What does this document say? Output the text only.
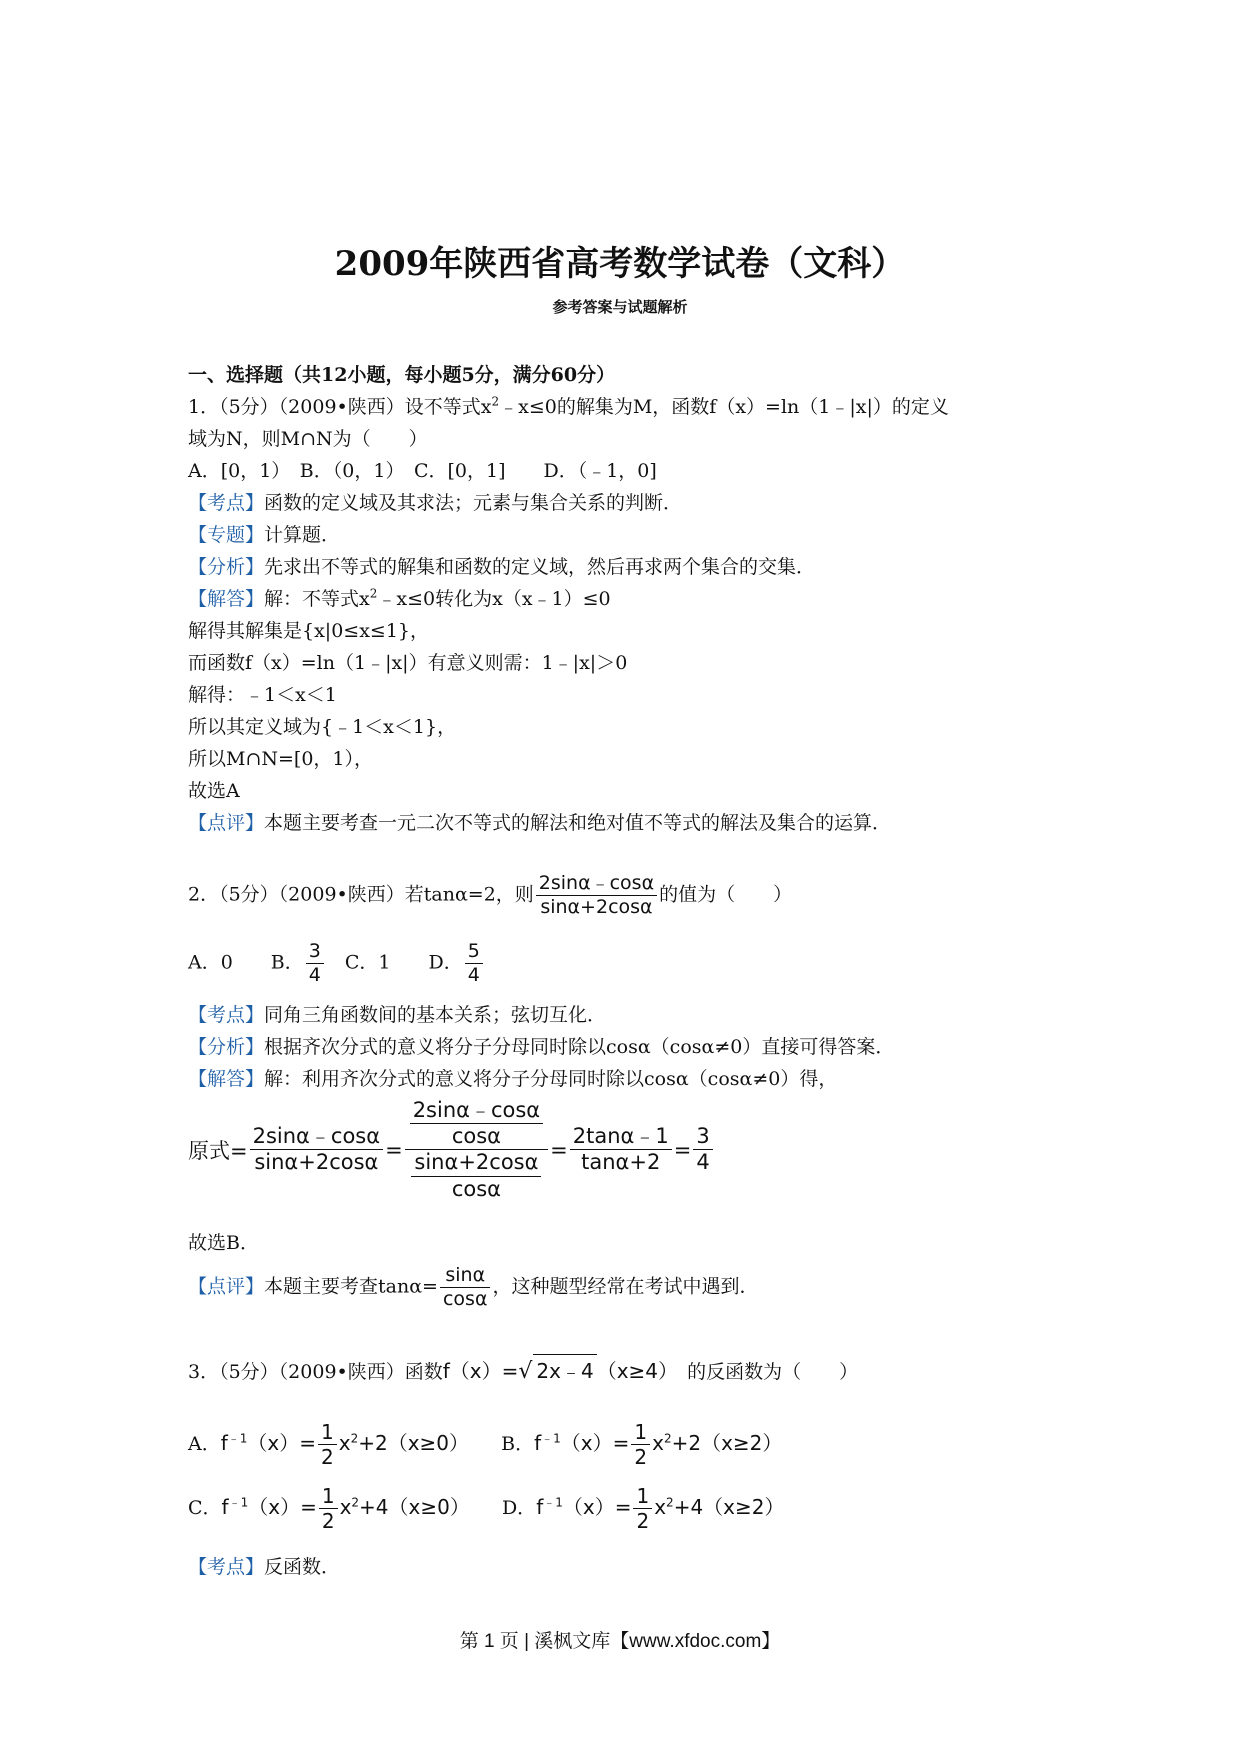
2009年陕西省高考数学试卷（文科）
参考答案与试题解析
一、选择题（共12小题，每小题5分，满分60分）
1．（5分）（2009•陕西）设不等式$x^2﹣x\le 0$的解集为M，函数f（x）=ln（1﹣|x|）的定义
域为N，则M∩N为（　　）
A．[0，1）　B．（0，1）　C．[0，1]　　D．（﹣1，0]
【考点】函数的定义域及其求法；元素与集合关系的判断．
【专题】计算题．
【分析】先求出不等式的解集和函数的定义域，然后再求两个集合的交集．
【解答】解：不等式$x^2﹣x\le 0$转化为x（x﹣1）≤0
解得其解集是{x|0≤x≤1}，
而函数f（x）=ln（1﹣|x|）有意义则需：1﹣|x|＞0
解得：﹣1＜x＜1
所以其定义域为{﹣1＜x＜1}，
所以M∩N=[0，1），
故选A
【点评】本题主要考查一元二次不等式的解法和绝对值不等式的解法及集合的运算．
2．（5分）（2009•陕西）若tanα=2，则 $\frac{2\sin\alpha﹣\cos\alpha}{\sin\alpha+2\cos\alpha}$ 的值为（　　）
A．0　　B． $\frac{3}{4}$ 　C．1　　D． $\frac{5}{4}$
【考点】同角三角函数间的基本关系；弦切互化．
【分析】根据齐次分式的意义将分子分母同时除以cosα（cosα≠0）直接可得答案．
【解答】解：利用齐次分式的意义将分子分母同时除以cosα（cosα≠0）得，
原式= $\frac{2\sin\alpha﹣\cos\alpha}{\sin\alpha+2\cos\alpha} = \frac{\frac{2\sin\alpha﹣\cos\alpha}{\cos\alpha}}{\frac{\sin\alpha+2\cos\alpha}{\cos\alpha}} = \frac{2\tan\alpha﹣1}{\tan\alpha+2} = \frac{3}{4}$
故选B．
【点评】本题主要考查$\tan\alpha= \frac{\sin\alpha}{\cos\alpha}$ ，这种题型经常在考试中遇到．
3．（5分）（2009•陕西）函数f（x）=√ 2x﹣4 （x≥4）　 的反函数为（　　）
A．$f^{﹣1}(x)= \frac{1}{2} x^2+2(x\ge 0)$ B．$f^{﹣1}(x)= \frac{1}{2} x^2+2(x\ge 2)$
C．$f^{﹣1}(x)= \frac{1}{2} x^2+4(x\ge 0)$ D．$f^{﹣1}(x)= \frac{1}{2} x^2+4(x\ge 2)$
【考点】反函数．
第 1 页 | 溪枫文库【www.xfdoc.com】
